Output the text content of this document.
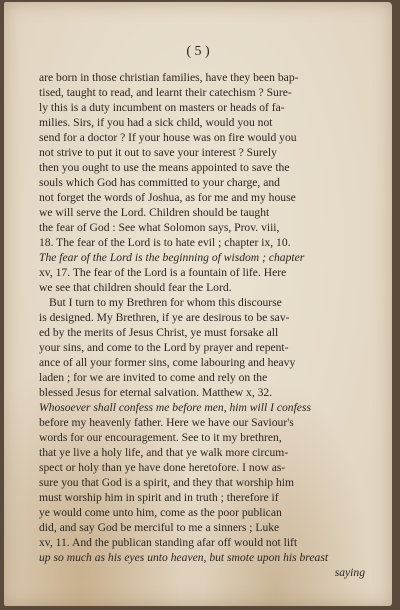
( 5 )
are born in those christian families, have they been bap-
tised, taught to read, and learnt their catechism ? Sure-
ly this is a duty incumbent on masters or heads of fa-
milies. Sirs, if you had a sick child, would you not
send for a doctor ? If your house was on fire would you
not strive to put it out to save your interest ? Surely
then you ought to use the means appointed to save the
souls which God has committed to your charge, and
not forget the words of Joshua, as for me and my house
we will serve the Lord. Children should be taught
the fear of God : See what Solomon says, Prov. viii,
18. The fear of the Lord is to hate evil ; chapter ix, 10.
The fear of the Lord is the beginning of wisdom ; chapter
xv, 17. The fear of the Lord is a fountain of life. Here
we see that children should fear the Lord.
But I turn to my Brethren for whom this discourse
is designed. My Brethren, if ye are desirous to be sav-
ed by the merits of Jesus Christ, ye must forsake all
your sins, and come to the Lord by prayer and repent-
ance of all your former sins, come labouring and heavy
laden ; for we are invited to come and rely on the
blessed Jesus for eternal salvation. Matthew x, 32.
Whosoever shall confess me before men, him will I confess
before my heavenly father. Here we have our Saviour's
words for our encouragement. See to it my brethren,
that ye live a holy life, and that ye walk more circum-
spect or holy than ye have done heretofore. I now as-
sure you that God is a spirit, and they that worship him
must worship him in spirit and in truth ; therefore if
ye would come unto him, come as the poor publican
did, and say God be merciful to me a sinners ; Luke
xv, 11. And the publican standing afar off would not lift
up so much as his eyes unto heaven, but smote upon his breast
saying
